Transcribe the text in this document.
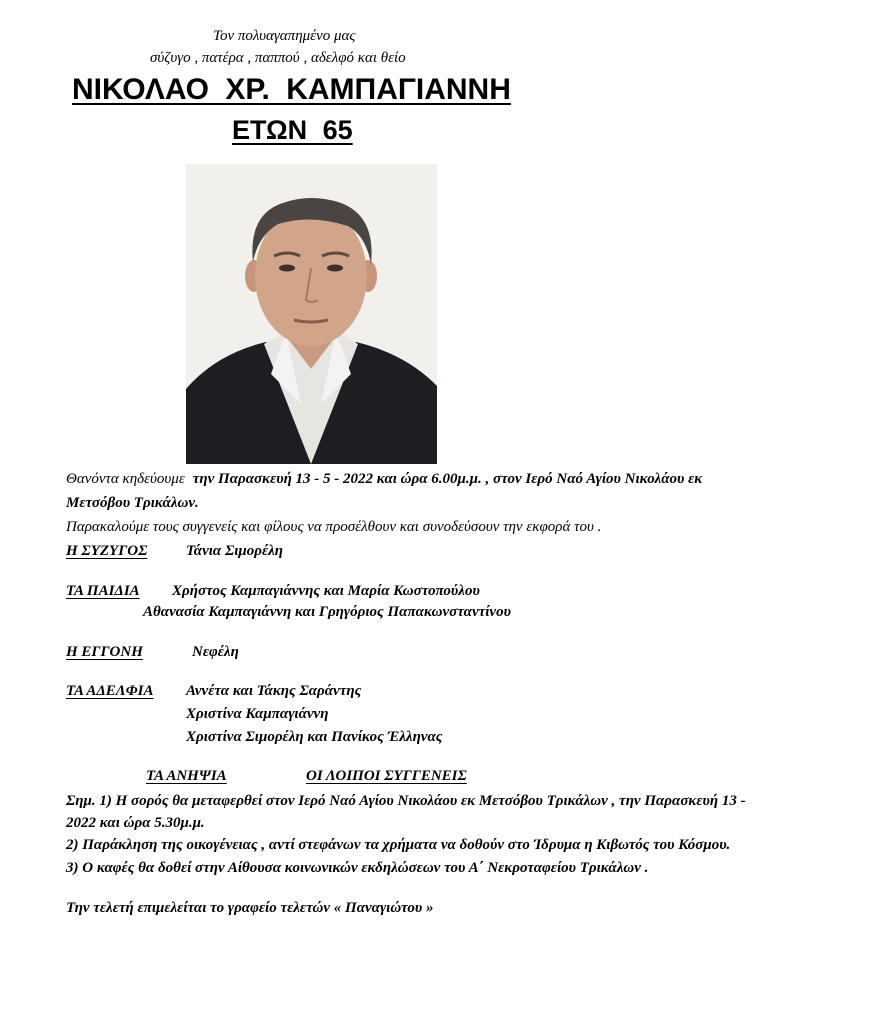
Τον πολυαγαπημένο μας
σύζυγο , πατέρα , παππού , αδελφό και θείο
ΝΙΚΟΛΑΟ ΧΡ. ΚΑΜΠΑΓΙΑΝΝΗ
ΕΤΩΝ 65
Θανόντα κηδεύουμε την Παρασκευή 13 - 5 - 2022 και ώρα 6.00μ.μ. , στον Ιερό Ναό Αγίου Νικολάου εκ
Μετσόβου Τρικάλων.
Παρακαλούμε τους συγγενείς και φίλους να προσέλθουν και συνοδεύσουν την εκφορά του .
Η ΣΥΖΥΓΟΣ	Τάνια Σιμορέλη
ΤΑ ΠΑΙΔΙΑ Χρήστος Καμπαγιάννης και Μαρία Κωστοπούλου
Αθανασία Καμπαγιάννη και Γρηγόριος Παπακωνσταντίνου
Η ΕΓΓΟΝΗ	Νεφέλη
ΤΑ ΑΔΕΛΦΙΑ Αννέτα και Τάκης Σαράντης
Χριστίνα Καμπαγιάννη
Χριστίνα Σιμορέλη και Πανίκος Έλληνας
ΤΑ ΑΝΗΨΙΑ	ΟΙ ΛΟΙΠΟΙ ΣΥΓΓΕΝΕΙΣ
Σημ. 1) Η σορός θα μεταφερθεί στον Ιερό Ναό Αγίου Νικολάου εκ Μετσόβου Τρικάλων , την Παρασκευή 13 -
2022 και ώρα 5.30μ.μ.
2) Παράκληση της οικογένειας , αντί στεφάνων τα χρήματα να δοθούν στο Ίδρυμα η Κιβωτός του Κόσμου.
3) Ο καφές θα δοθεί στην Αίθουσα κοινωνικών εκδηλώσεων του Α΄ Νεκροταφείου Τρικάλων .
Την τελετή επιμελείται το γραφείο τελετών « Παναγιώτου »
